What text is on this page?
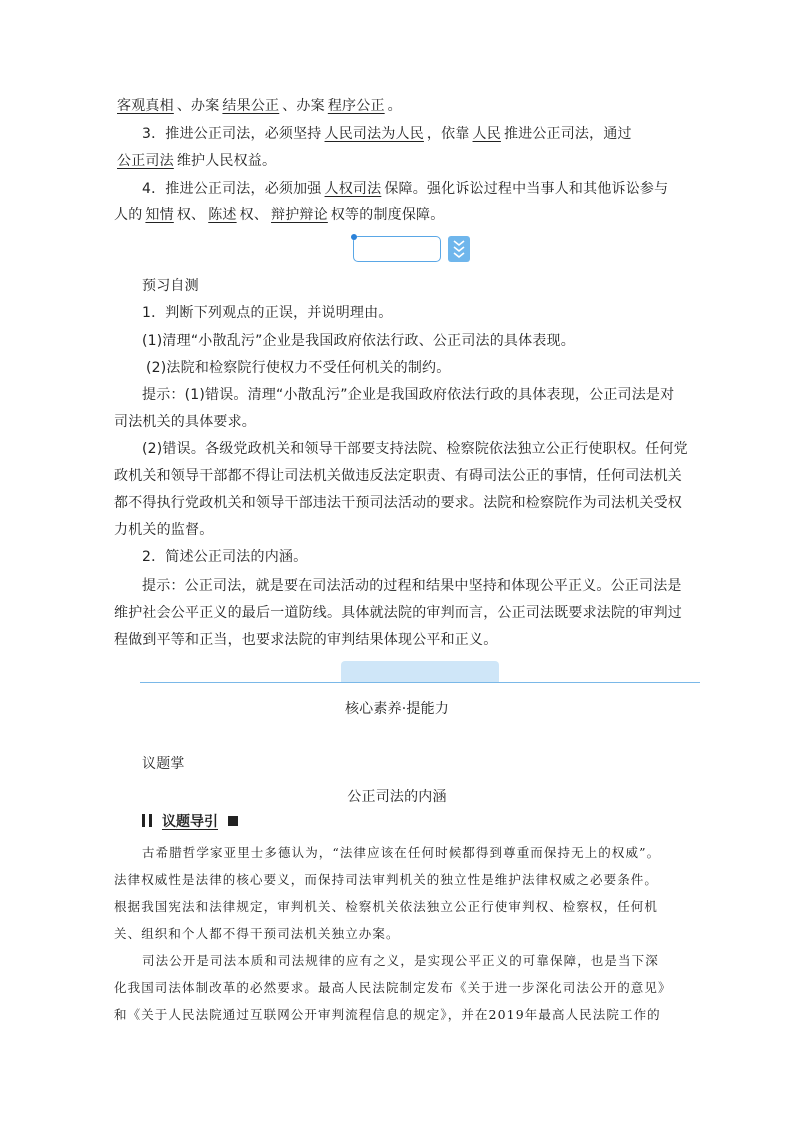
客观真相 、办案 结果公正 、办案 程序公正 。
3．推进公正司法，必须坚持 人民司法为人民 ，依靠 人民 推进公正司法，通过
公正司法 维护人民权益。
4．推进公正司法，必须加强 人权司法 保障。强化诉讼过程中当事人和其他诉讼参与
人的 知情 权、 陈述 权、 辩护辩论 权等的制度保障。
预习自测
1．判断下列观点的正误，并说明理由。
(1)清理“小散乱污”企业是我国政府依法行政、公正司法的具体表现。
(2)法院和检察院行使权力不受任何机关的制约。
提示：(1)错误。清理“小散乱污”企业是我国政府依法行政的具体表现，公正司法是对
司法机关的具体要求。
(2)错误。各级党政机关和领导干部要支持法院、检察院依法独立公正行使职权。任何党
政机关和领导干部都不得让司法机关做违反法定职责、有碍司法公正的事情，任何司法机关
都不得执行党政机关和领导干部违法干预司法活动的要求。法院和检察院作为司法机关受权
力机关的监督。
2．简述公正司法的内涵。
提示：公正司法，就是要在司法活动的过程和结果中坚持和体现公平正义。公正司法是
维护社会公平正义的最后一道防线。具体就法院的审判而言，公正司法既要求法院的审判过
程做到平等和正当，也要求法院的审判结果体现公平和正义。
核心素养·提能力
议题掌
公正司法的内涵
议题导引
古希腊哲学家亚里士多德认为，“法律应该在任何时候都得到尊重而保持无上的权威”。
法律权威性是法律的核心要义，而保持司法审判机关的独立性是维护法律权威之必要条件。
根据我国宪法和法律规定，审判机关、检察机关依法独立公正行使审判权、检察权，任何机
关、组织和个人都不得干预司法机关独立办案。
司法公开是司法本质和司法规律的应有之义，是实现公平正义的可靠保障，也是当下深
化我国司法体制改革的必然要求。最高人民法院制定发布《关于进一步深化司法公开的意见》
和《关于人民法院通过互联网公开审判流程信息的规定》，并在2019年最高人民法院工作的
